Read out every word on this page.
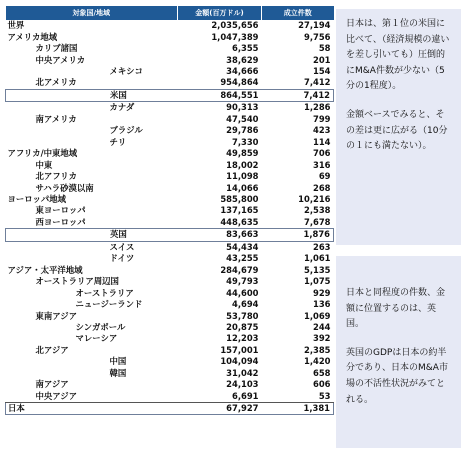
対象国/地域	金額(百万ドル)	成立件数
世界	2,035,656	27,194
アメリカ地域	1,047,389	9,756
カリブ諸国	6,355	58
中央アメリカ	38,629	201
メキシコ	34,666	154
北アメリカ	954,864	7,412
米国	864,551	7,412
カナダ	90,313	1,286
南アメリカ	47,540	799
ブラジル	29,786	423
チリ	7,330	114
アフリカ/中東地域	49,859	706
中東	18,002	316
北アフリカ	11,098	69
サハラ砂漠以南	14,066	268
ヨーロッパ地域	585,800	10,216
東ヨーロッパ	137,165	2,538
西ヨーロッパ	448,635	7,678
英国	83,663	1,876
スイス	54,434	263
ドイツ	43,255	1,061
アジア・太平洋地域	284,679	5,135
オーストラリア周辺国	49,793	1,075
オーストラリア	44,600	929
ニュージーランド	4,694	136
東南アジア	53,780	1,069
シンガポール	20,875	244
マレーシア	12,203	392
北アジア	157,001	2,385
中国	104,094	1,420
韓国	31,042	658
南アジア	24,103	606
中央アジア	6,691	53
日本	67,927	1,381

日本は、第１位の米国に比べて、（経済規模の違いを差し引いても）圧倒的にM&A件数が少ない（5分の1程度）。

金額ベースでみると、その差は更に広がる（10分の１にも満たない）。

日本と同程度の件数、金額に位置するのは、英国。

英国のGDPは日本の約半分であり、日本のM&A市場の不活性状況がみてとれる。
